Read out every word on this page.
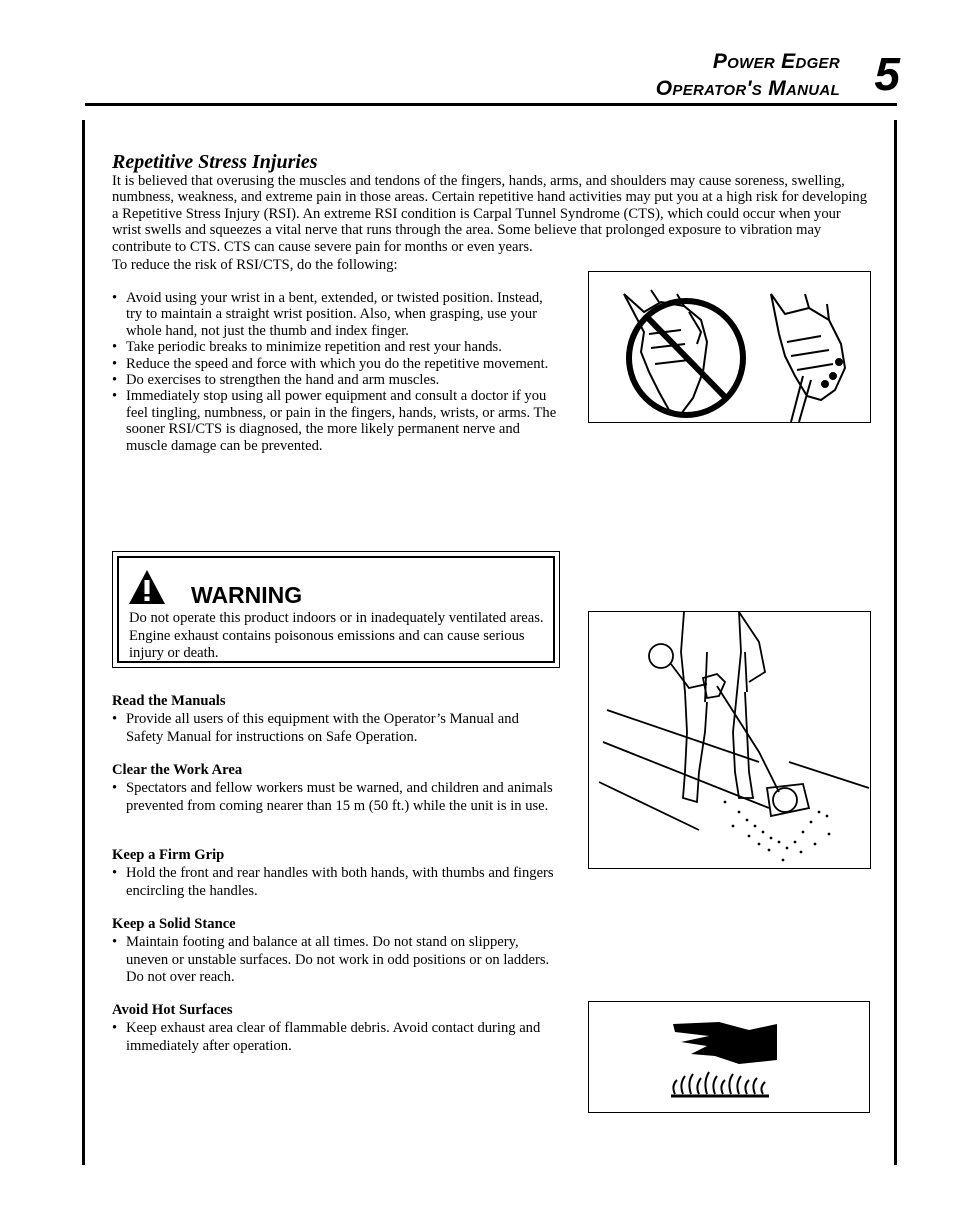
Power Edger
Operator's Manual 5
Repetitive Stress Injuries
It is believed that overusing the muscles and tendons of the fingers, hands, arms, and shoulders may cause soreness, swelling, numbness, weakness, and extreme pain in those areas. Certain repetitive hand activities may put you at a high risk for developing a Repetitive Stress Injury (RSI). An extreme RSI condition is Carpal Tunnel Syndrome (CTS), which could occur when your wrist swells and squeezes a vital nerve that runs through the area. Some believe that prolonged exposure to vibration may contribute to CTS. CTS can cause severe pain for months or even years.
To reduce the risk of RSI/CTS, do the following:
• Avoid using your wrist in a bent, extended, or twisted position. Instead, try to maintain a straight wrist position. Also, when grasping, use your whole hand, not just the thumb and index finger.
• Take periodic breaks to minimize repetition and rest your hands.
• Reduce the speed and force with which you do the repetitive movement.
• Do exercises to strengthen the hand and arm muscles.
• Immediately stop using all power equipment and consult a doctor if you feel tingling, numbness, or pain in the fingers, hands, wrists, or arms. The sooner RSI/CTS is diagnosed, the more likely permanent nerve and muscle damage can be prevented.
WARNING
Do not operate this product indoors or in inadequately ventilated areas. Engine exhaust contains poisonous emissions and can cause serious injury or death.
Read the Manuals
• Provide all users of this equipment with the Operator’s Manual and Safety Manual for instructions on Safe Operation.
Clear the Work Area
• Spectators and fellow workers must be warned, and children and animals prevented from coming nearer than 15 m (50 ft.) while the unit is in use.
Keep a Firm Grip
• Hold the front and rear handles with both hands, with thumbs and fingers encircling the handles.
Keep a Solid Stance
• Maintain footing and balance at all times. Do not stand on slippery, uneven or unstable surfaces. Do not work in odd positions or on ladders. Do not over reach.
Avoid Hot Surfaces
• Keep exhaust area clear of flammable debris. Avoid contact during and immediately after operation.
